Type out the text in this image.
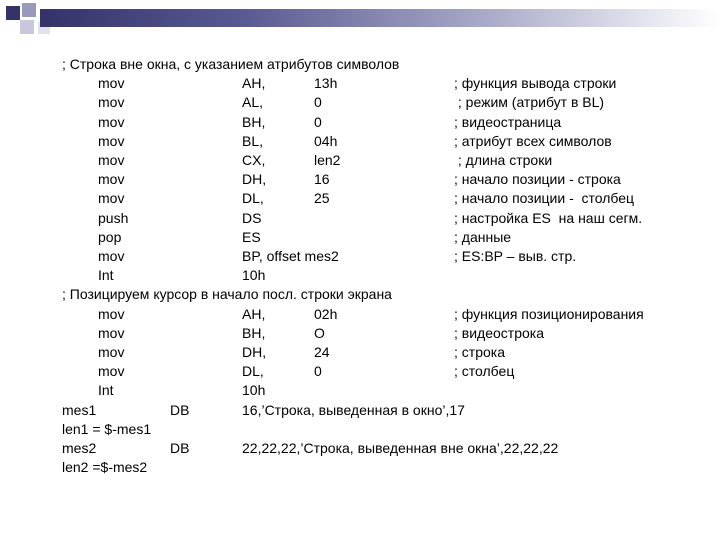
; Строка вне окна, с указанием атрибутов символов
mov	AH,	13h	; функция вывода строки
mov	AL,	0	; режим (атрибут в BL)
mov	BH,	0	; видеостраница
mov	BL,	04h	; атрибут всех символов
mov	CX,	len2	; длина строки
mov	DH,	16	; начало позиции - строка
mov	DL,	25	; начало позиции -  столбец
push	DS	; настройка ES  на наш сегм.
pop	ES	; данные
mov	BP, offset mes2	; ES:BP – выв. стр.
Int	10h
; Позицируем курсор в начало посл. строки экрана
mov	AH,	02h	; функция позиционирования
mov	BH,	O	; видеострока
mov	DH,	24	; строка
mov	DL,	0	; столбец
Int	10h
mes1	DB	16,’Строка, выведенная в окно’,17
len1 = $-mes1
mes2	DB	22,22,22,’Строка, выведенная вне окна’,22,22,22
len2 =$-mes2
